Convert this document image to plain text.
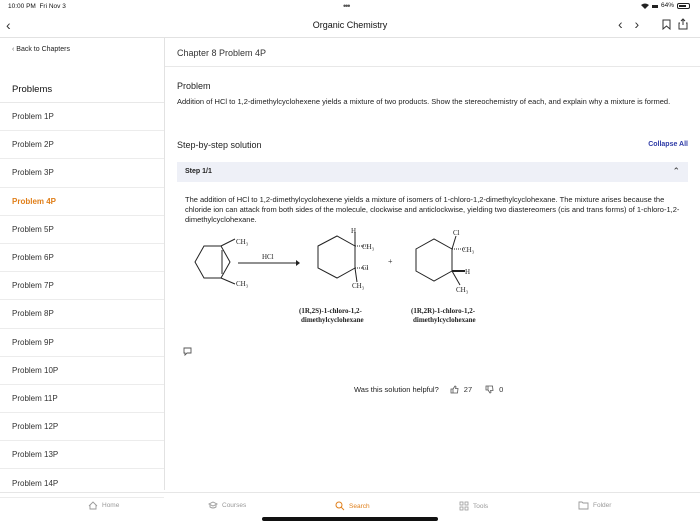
10:00 PM Fri Nov 3	•••	64%
‹	Organic Chemistry	‹ ›
‹ Back to Chapters
Problems
Problem 1P
Problem 2P
Problem 3P
Problem 4P
Problem 5P
Problem 6P
Problem 7P
Problem 8P
Problem 9P
Problem 10P
Problem 11P
Problem 12P
Problem 13P
Problem 14P
Chapter 8 Problem 4P
Problem
Addition of HCl to 1,2-dimethylcyclohexene yields a mixture of two products. Show the stereochemistry of each, and explain why a mixture is formed.
Step-by-step solution	Collapse All
Step 1/1	⌃
The addition of HCl to 1,2-dimethylcyclohexene yields a mixture of isomers of 1-chloro-1,2-dimethylcyclohexane. The mixture arises because the chloride ion can attack from both sides of the molecule, clockwise and anticlockwise, yielding two diastereomers (cis and trans forms) of 1-chloro-1,2-dimethylcyclohexane.
CH₃
CH₃
HCl
H
CH₃
Cl
CH₃
(1R,2S)-1-chloro-1,2-
dimethylcyclohexane
+
Cl
CH₃
H
CH₃
(1R,2R)-1-chloro-1,2-
dimethylcyclohexane
Was this solution helpful?	27	0
Home	Courses	Search	Tools	Folder
